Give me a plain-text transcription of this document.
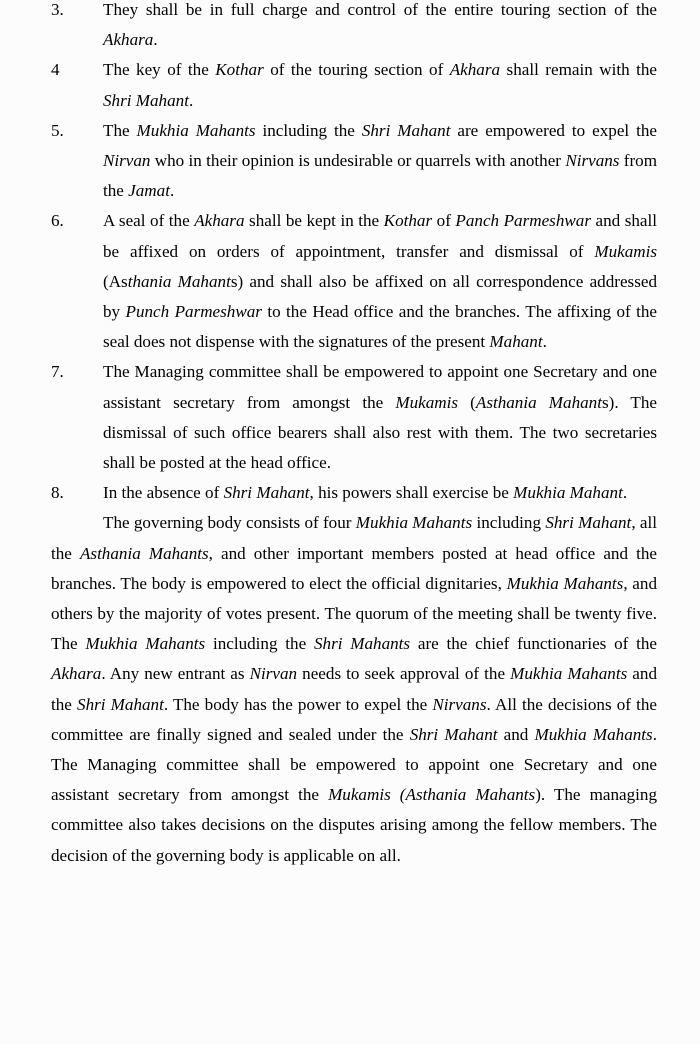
3.	They shall be in full charge and control of the entire touring section of the Akhara.
4	The key of the Kothar of the touring section of Akhara shall remain with the Shri Mahant.
5.	The Mukhia Mahants including the Shri Mahant are empowered to expel the Nirvan who in their opinion is undesirable or quarrels with another Nirvans from the Jamat.
6.	A seal of the Akhara shall be kept in the Kothar of Panch Parmeshwar and shall be affixed on orders of appointment, transfer and dismissal of Mukamis (Asthania Mahants) and shall also be affixed on all correspondence addressed by Punch Parmeshwar to the Head office and the branches. The affixing of the seal does not dispense with the signatures of the present Mahant.
7.	The Managing committee shall be empowered to appoint one Secretary and one assistant secretary from amongst the Mukamis (Asthania Mahants). The dismissal of such office bearers shall also rest with them. The two secretaries shall be posted at the head office.
8.	In the absence of Shri Mahant, his powers shall exercise be Mukhia Mahant.

The governing body consists of four Mukhia Mahants including Shri Mahant, all the Asthania Mahants, and other important members posted at head office and the branches. The body is empowered to elect the official dignitaries, Mukhia Mahants, and others by the majority of votes present. The quorum of the meeting shall be twenty five. The Mukhia Mahants including the Shri Mahants are the chief functionaries of the Akhara. Any new entrant as Nirvan needs to seek approval of the Mukhia Mahants and the Shri Mahant. The body has the power to expel the Nirvans. All the decisions of the committee are finally signed and sealed under the Shri Mahant and Mukhia Mahants. The Managing committee shall be empowered to appoint one Secretary and one assistant secretary from amongst the Mukamis (Asthania Mahants). The managing committee also takes decisions on the disputes arising among the fellow members. The decision of the governing body is applicable on all.
